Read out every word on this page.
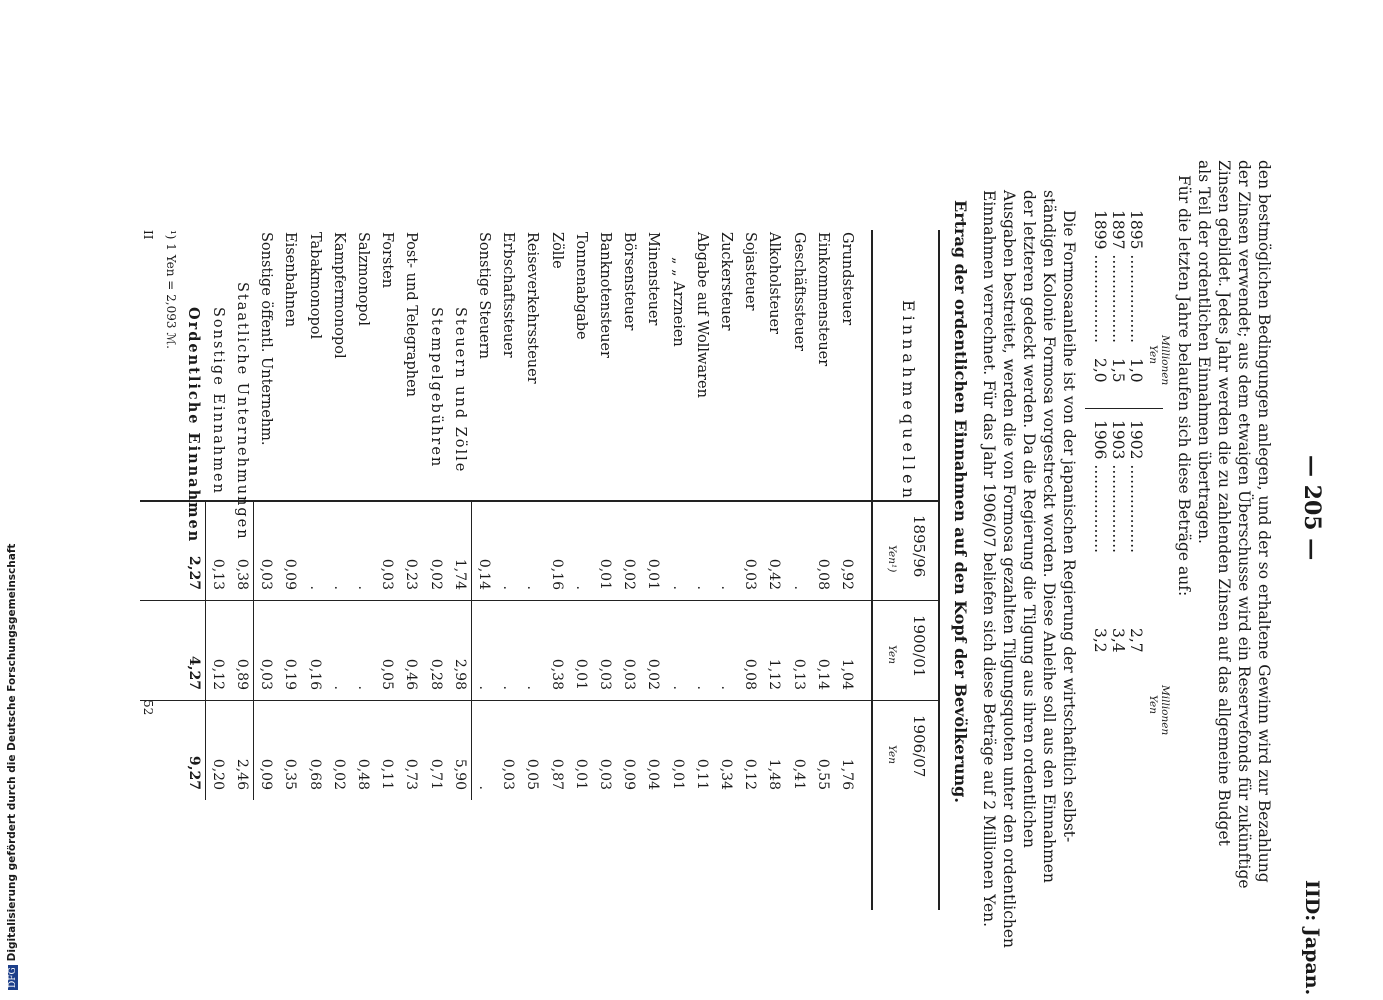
DFGDigitalisierung gefördert durch die Deutsche Forschungsgemeinschaft
— 205 —
IID: Japan.
den bestmöglichen Bedingungen anlegen, und der so erhaltene Gewinn wird zur Bezahlung
der Zinsen verwendet; aus dem etwaigen Überschusse wird ein Reservefonds für zukünftige
Zinsen gebildet. Jedes Jahr werden die zu zahlenden Zinsen auf das allgemeine Budget
als Teil der ordentlichen Einnahmen übertragen.
Für die letzten Jahre belaufen sich diese Beträge auf:
Millionen
Yen
Millionen
Yen
1895 .................. 1,0
1897 .................. 1,5
1899 .................. 2,0
1902 .................. 2,7
1903 .................. 3,4
1906 .................. 3,2
Die Formosaanleihe ist von der japanischen Regierung der wirtschaftlich selbst-
ständigen Kolonie Formosa vorgestreckt worden. Diese Anleihe soll aus den Einnahmen
der letzteren gedeckt werden. Da die Regierung die Tilgung aus ihren ordentlichen
Ausgaben bestreitet, werden die von Formosa gezahlten Tilgungsquoten unter den ordentlichen
Einnahmen verrechnet. Für das Jahr 1906/07 beliefen sich diese Beträge auf 2 Millionen Yen.
Ertrag der ordentlichen Einnahmen auf den Kopf der Bevölkerung.
Einnahmequellen
1895/96
1900/01
1906/07
Yen¹)
Yen
Yen
Grundsteuer
0,92
1,04
1,76
Einkommensteuer
0,08
0,14
0,55
Geschäftssteuer
.
0,13
0,41
Alkoholsteuer
0,42
1,12
1,48
Sojasteuer
0,03
0,08
0,12
Zuckersteuer
.
.
0,34
Abgabe auf Wollwaren
.
.
0,11
„ „ Arzneien
.
.
0,01
Minensteuer
0,01
0,02
0,04
Börsensteuer
0,02
0,03
0,09
Banknotensteuer
0,01
0,03
0,03
Tonnenabgabe
.
0,01
0,01
Zölle
0,16
0,38
0,87
Reiseverkehrssteuer
.
.
0,05
Erbschaftssteuer
.
.
0,03
Sonstige Steuern
0,14
.
.
Steuern und Zölle
1,74
2,98
5,90
Stempelgebühren
0,02
0,28
0,71
Post- und Telegraphen
0,23
0,46
0,73
Forsten
0,03
0,05
0,11
Salzmonopol
.
.
0,48
Kampfermonopol
.
.
0,02
Tabakmonopol
.
0,16
0,68
Eisenbahnen
0,09
0,19
0,35
Sonstige öffentl. Unternehm.
0,03
0,03
0,09
Staatliche Unternehmungen
0,38
0,89
2,46
Sonstige Einnahmen
0,13
0,12
0,20
Ordentliche Einnahmen
2,27
4,27
9,27
¹) 1 Yen = 2,093 ℳ.
II
52
